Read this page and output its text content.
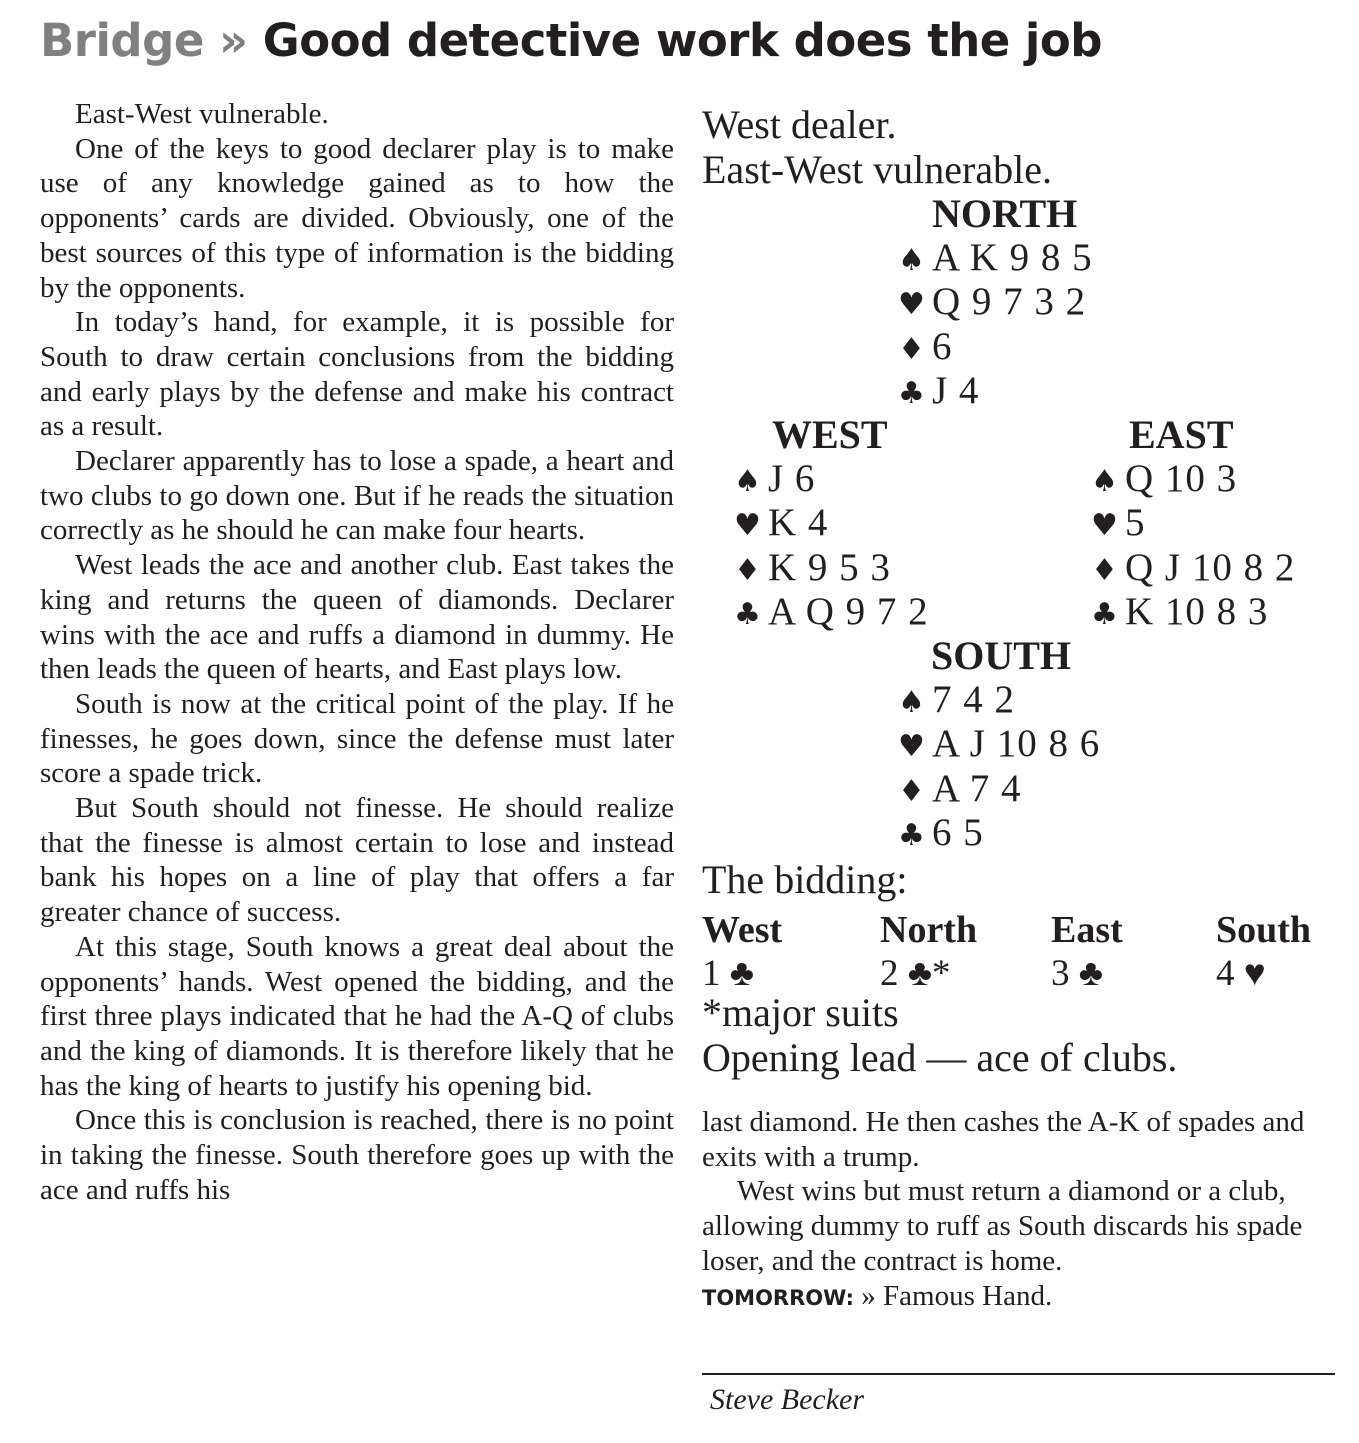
Bridge » Good detective work does the job

East-West vulnerable.

One of the keys to good declarer play is to make use of any knowledge gained as to how the opponents’ cards are divided. Obviously, one of the best sources of this type of information is the bidding by the opponents.

In today’s hand, for example, it is possible for South to draw certain conclusions from the bidding and early plays by the defense and make his contract as a result.

Declarer apparently has to lose a spade, a heart and two clubs to go down one. But if he reads the situation correctly as he should he can make four hearts.

West leads the ace and another club. East takes the king and returns the queen of diamonds. Declarer wins with the ace and ruffs a diamond in dummy. He then leads the queen of hearts, and East plays low.

South is now at the critical point of the play. If he finesses, he goes down, since the defense must later score a spade trick.

But South should not finesse. He should realize that the finesse is almost certain to lose and instead bank his hopes on a line of play that offers a far greater chance of success.

At this stage, South knows a great deal about the opponents’ hands. West opened the bidding, and the first three plays indicated that he had the A-Q of clubs and the king of diamonds. It is therefore likely that he has the king of hearts to justify his opening bid.

Once this is conclusion is reached, there is no point in taking the finesse. South therefore goes up with the ace and ruffs his

West dealer.
East-West vulnerable.
NORTH
♠ A K 9 8 5
♥ Q 9 7 3 2
♦ 6
♣ J 4
WEST
♠ J 6
♥ K 4
♦ K 9 5 3
♣ A Q 9 7 2
EAST
♠ Q 10 3
♥ 5
♦ Q J 10 8 2
♣ K 10 8 3
SOUTH
♠ 7 4 2
♥ A J 10 8 6
♦ A 7 4
♣ 6 5
The bidding:
West	North East South
1 ♣	2 ♣*	3 ♣	4 ♥
*major suits
Opening lead — ace of clubs.

last diamond. He then cashes the A-K of spades and exits with a trump.

West wins but must return a diamond or a club, allowing dummy to ruff as South discards his spade loser, and the contract is home.

TOMORROW: » Famous Hand.

Steve Becker
